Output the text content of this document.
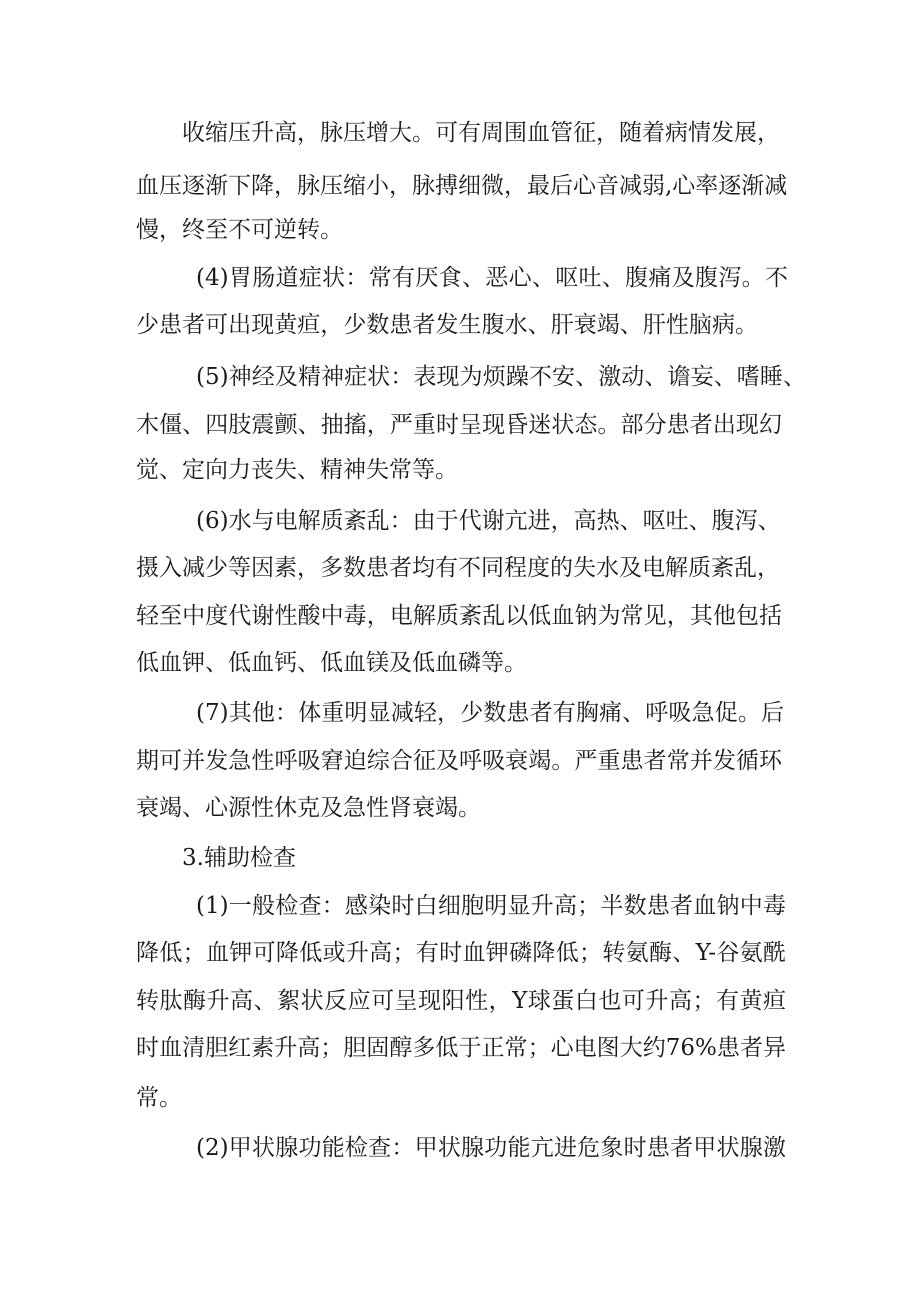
收缩压升高，脉压增大。可有周围血管征，随着病情发展，
血压逐渐下降，脉压缩小，脉搏细微，最后心音减弱,心率逐渐减
慢，终至不可逆转。
(4)胃肠道症状：常有厌食、恶心、呕吐、腹痛及腹泻。不
少患者可出现黄疸，少数患者发生腹水、肝衰竭、肝性脑病。
(5)神经及精神症状：表现为烦躁不安、激动、谵妄、嗜睡、
木僵、四肢震颤、抽搐，严重时呈现昏迷状态。部分患者出现幻
觉、定向力丧失、精神失常等。
(6)水与电解质紊乱：由于代谢亢进，高热、呕吐、腹泻、
摄入减少等因素，多数患者均有不同程度的失水及电解质紊乱，
轻至中度代谢性酸中毒，电解质紊乱以低血钠为常见，其他包括
低血钾、低血钙、低血镁及低血磷等。
(7)其他：体重明显减轻，少数患者有胸痛、呼吸急促。后
期可并发急性呼吸窘迫综合征及呼吸衰竭。严重患者常并发循环
衰竭、心源性休克及急性肾衰竭。
3.辅助检查
(1)一般检查：感染时白细胞明显升高；半数患者血钠中毒
降低；血钾可降低或升高；有时血钾磷降低；转氨酶、Y-谷氨酰
转肽酶升高、絮状反应可呈现阳性，Y球蛋白也可升高；有黄疸
时血清胆红素升高；胆固醇多低于正常；心电图大约76%患者异
常。
(2)甲状腺功能检查：甲状腺功能亢进危象时患者甲状腺激
